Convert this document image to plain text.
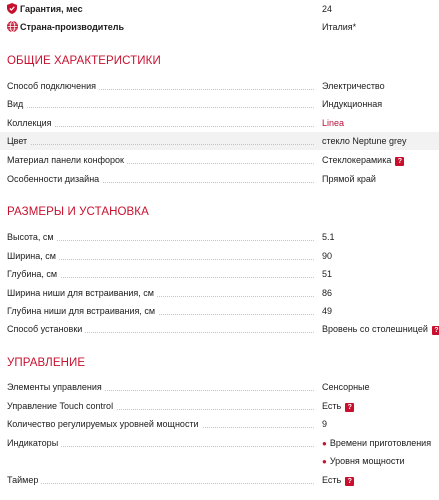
Гарантия, мес	24
Страна-производитель	Италия*
ОБЩИЕ ХАРАКТЕРИСТИКИ
Способ подключения	Электричество
Вид	Индукционная
Коллекция	Linea
Цвет	стекло Neptune grey
Материал панели конфорок	Стеклокерамика ?
Особенности дизайна	Прямой край
РАЗМЕРЫ И УСТАНОВКА
Высота, см	5.1
Ширина, см	90
Глубина, см	51
Ширина ниши для встраивания, см	86
Глубина ниши для встраивания, см	49
Способ установки	Вровень со столешницей ?
УПРАВЛЕНИЕ
Элементы управления	Сенсорные
Управление Touch control	Есть ?
Количество регулируемых уровней мощности	9
Индикаторы	● Времени приготовления
● Уровня мощности
Таймер	Есть ?
